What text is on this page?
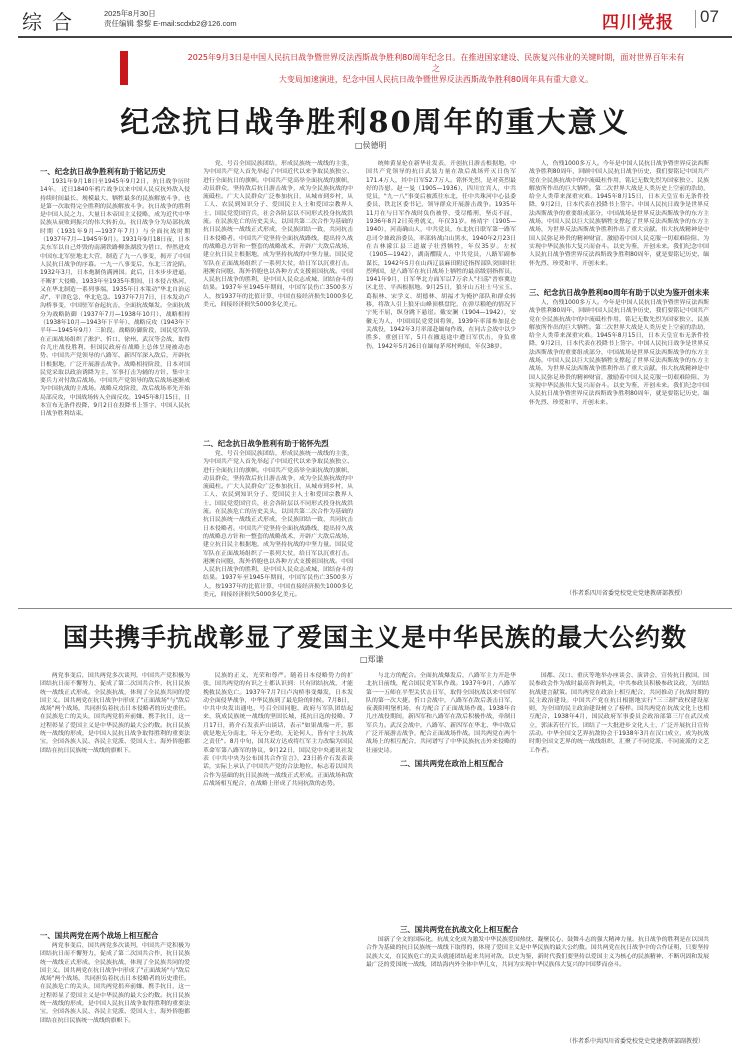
综合	2025年8月30日
责任编辑 黎黎 E-mail:scdxb2@126.com	四川党报 07
2025年9月3日是中国人民抗日战争暨世界反法西斯战争胜利80周年纪念日。在推进国家建设、民族复兴伟业的关键时期，面对世界百年未有之
大变局加速演进，纪念中国人民抗日战争暨世界反法西斯战争胜利80周年具有重大意义。
纪念抗日战争胜利80周年的重大意义
□侯德明
一、纪念抗日战争胜利有助于铭记历史

1931年9月18日至1945年9月2日，抗日战争历时14年。 近日1840年鸦片战争以来中国人民反抗外敌入侵持续时间最长、规模最大、牺牲最多的民族解放斗争，也是第一次取得完全胜利的民族解放斗争。抗日战争的胜利是中国人民之力、大量日本帝国主义侵略，成为近代中华民族从衰败到振兴的伟大转折点。抗日战争分为局部抗战时期（1931年9月—1937年7月）与全面抗战时期（1937年7月—1945年9月）。1931年9月18日夜，日本关东军以自己炸毁的南满铁路柳条湖段为借口，悍然进攻中国东北军驻地北大营，制造了九一八事变，揭开了中国人民抗日战争的序幕。一九一八事变后，东北三省沦陷，1932年3月，日本炮制伪满洲国。此后，日本步步进逼，不断扩大侵略，1933年至1935年期间，日本侵占热河，又在华北制造一系列事端。1935年日本策动"华北自治运动"，平津危急，华北危急。1937年7月7日，日本发动卢沟桥事变，中国驻军奋起抗击，全面抗战爆发。全面抗战分为战略防御（1937年7月—1938年10月）、战略相持（1938年10月—1943年下半年）、战略反攻（1943年下半年—1945年9月）三阶段。战略防御阶段，国民党军队在正面战场组织了淞沪、忻口、徐州、武汉等会战，取得台儿庄战役胜利，但国民政府在战略上总体呈现被动态势。中国共产党领导的八路军、新四军深入敌后，开辟抗日根据地，广泛开展游击战争。战略相持阶段，日本对国民党采取以政治诱降为主、军事打击为辅的方针，集中主要兵力对付敌后战场。中国共产党领导的敌后战场逐渐成为中国抗战的主战场。战略反攻阶段，敌后战场率先开始局部反攻，中国战场转入全面反攻。1945年8月15日，日本宣布无条件投降，9月2日在投降书上签字，中国人民抗日战争胜利结束。

党、号召全国民族团结，形成民族统一战线的主张，为中国共产党人首先举起了中国近代以来争取民族独立、进行全面抗日的旗帜。中国共产党高举全面抗战的旗帜，动员群众，坚持敌后抗日游击战争，成为全民族抗战的中流砥柱。广大人民群众广泛参加抗日，从城市到乡村，从工人、农民到知识分子、爱国民主人士和爱国宗教界人士、国民党爱国官兵，社会各阶层以不同形式投身抗战洪流。在民族危亡的历史关头，以国共第二次合作为基础的抗日民族统一战线正式形成，全民族团结一致，共同抗击日本侵略者。中国共产党坚持全面抗战路线，提出持久战的战略总方针和一整套的战略战术，开辟广大敌后战场，建立抗日民主根据地，成为坚持抗战的中坚力量。国民党军队在正面战场组织了一系列大仗，给日军以沉重打击。港澳台同胞、海外侨胞也以各种方式支援祖国抗战。中国人民抗日战争的胜利，是中国人民众志成城、团结奋斗的结果。1937年至1945年期间，中国军民伤亡3500多万人，按1937年的比值计算，中国直接经济损失1000多亿美元，间接经济损失5000多亿美元。

二、纪念抗日战争胜利有助于铭怀先烈

党、号召全国民族团结，形成民族统一战线的主张，为中国共产党人首先举起了中国近代以来争取民族独立、进行全面抗日的旗帜。中国共产党高举全面抗战的旗帜，动员群众，坚持敌后抗日游击战争，成为全民族抗战的中流砥柱。广大人民群众广泛参加抗日，从城市到乡村，从工人、农民到知识分子、爱国民主人士和爱国宗教界人士、国民党爱国官兵，社会各阶层以不同形式投身抗战洪流。在民族危亡的历史关头，以国共第二次合作为基础的抗日民族统一战线正式形成，全民族团结一致，共同抗击日本侵略者。中国共产党坚持全面抗战路线，提出持久战的战略总方针和一整套的战略战术，开辟广大敌后战场，建立抗日民主根据地，成为坚持抗战的中坚力量。国民党军队在正面战场组织了一系列大仗，给日军以沉重打击。港澳台同胞、海外侨胞也以各种方式支援祖国抗战。中国人民抗日战争的胜利，是中国人民众志成城、团结奋斗的结果。1937年至1945年期间，中国军民伤亡3500多万人，按1937年的比值计算，中国直接经济损失1000多亿美元，间接经济损失5000多亿美元。

统帅黄显伦在新华社发表，开创抗日游击根据地。中国共产党领导的抗日武装力量在敌后战场歼灭日伪军171.4万人，其中日军52.7万人。铭怀先烈，是对英烈最好的告慰。赵一曼（1905—1936），四川宜宾人，中共党员，"九一八"事变后被派往东北，任中共珠河中心县委委员、铁北区委书记，领导群众开展游击战争。1935年11月在与日军作战时负伤被俘，受尽酷刑，坚贞不屈，1936年8月2日英勇就义，年仅31岁。杨靖宇（1905—1940），河南确山人，中共党员，东北抗日联军第一路军总司令兼政治委员，率部转战白山黑水，1940年2月23日在吉林濛江县三道崴子壮烈牺牲，年仅35岁。左权（1905—1942），湖南醴陵人，中共党员，八路军副参谋长，1942年5月在山西辽县麻田附近指挥部队突围时壮烈殉国，是八路军在抗日战场上牺牲的最高级别指挥员。1941年9月，日军华北方面军以7万余人"扫荡"晋察冀边区北岳、平西根据地。9月25日，狼牙山五壮士马宝玉、葛振林、宋学义、胡德林、胡福才为掩护部队和群众转移，将敌人引上狼牙山峰顶棋盘陀，在弹尽粮绝的情况下宁死不屈，纵身跳下悬崖。戴安澜（1904—1942），安徽无为人，中国国民党爱国将领，1939年率部参加昆仑关战役，1942年3月率部赴缅甸作战，在同古会战中以少胜多，重创日军，5月在撤退途中遭日军伏击，身负重伤，1942年5月26日在缅甸茅邦村殉国，年仅38岁。

人，伤残1000多万人。今年是中国人民抗日战争暨世界反法西斯战争胜利80周年，回顾中国人民抗日战争历史，我们要铭记中国共产党在全民族抗战中的中流砥柱作用，铭记无数先烈为国家独立、民族解放所作出的巨大牺牲。第二次世界大战是人类历史上空前的浩劫，给全人类带来深重灾难。1945年8月15日，日本天皇宣布无条件投降，9月2日，日本代表在投降书上签字。中国人民抗日战争是世界反法西斯战争的重要组成部分，中国战场是世界反法西斯战争的东方主战场。中国人民以巨大民族牺牲支撑起了世界反法西斯战争的东方主战场，为世界反法西斯战争胜利作出了重大贡献。伟大抗战精神是中国人民弥足珍贵的精神财富，激励着中国人民克服一切艰难险阻、为实现中华民族伟大复兴而奋斗。以史为鉴，开创未来。我们纪念中国人民抗日战争暨世界反法西斯战争胜利80周年，就是要铭记历史、缅怀先烈、珍爱和平、开创未来。

三、纪念抗日战争胜利80周年有助于以史为鉴开创未来

人，伤残1000多万人。今年是中国人民抗日战争暨世界反法西斯战争胜利80周年，回顾中国人民抗日战争历史，我们要铭记中国共产党在全民族抗战中的中流砥柱作用，铭记无数先烈为国家独立、民族解放所作出的巨大牺牲。第二次世界大战是人类历史上空前的浩劫，给全人类带来深重灾难。1945年8月15日，日本天皇宣布无条件投降，9月2日，日本代表在投降书上签字。中国人民抗日战争是世界反法西斯战争的重要组成部分，中国战场是世界反法西斯战争的东方主战场。中国人民以巨大民族牺牲支撑起了世界反法西斯战争的东方主战场，为世界反法西斯战争胜利作出了重大贡献。伟大抗战精神是中国人民弥足珍贵的精神财富，激励着中国人民克服一切艰难险阻、为实现中华民族伟大复兴而奋斗。以史为鉴，开创未来。我们纪念中国人民抗日战争暨世界反法西斯战争胜利80周年，就是要铭记历史、缅怀先烈、珍爱和平、开创未来。

（作者系四川省委党校党史党建教研部教授）
国共携手抗战彰显了爱国主义是中华民族的最大公约数
□郑谦

两党事变后，国共两党多次谈判，中国共产党积极为团结抗日而不懈努力，促成了第二次国共合作，抗日民族统一战线正式形成。全民族抗战，体现了全民族共同的爱国主义。国共两党在抗日战争中形成了"正面战场"与"敌后战场"两个战场，共同担负着抗击日本侵略者的历史重任。在民族危亡的关头，国共两党捐弃前嫌、携手抗日，这一过程彰显了爱国主义是中华民族的最大公约数。抗日民族统一战线的形成，是中国人民抗日战争取得胜利的重要法宝，全国各族人民、各民主党派、爱国人士、海外侨胞都团结在抗日民族统一战线的旗帜下。

一、国共两党在两个战场上相互配合

两党事变后，国共两党多次谈判，中国共产党积极为团结抗日而不懈努力，促成了第二次国共合作，抗日民族统一战线正式形成。全民族抗战，体现了全民族共同的爱国主义。国共两党在抗日战争中形成了"正面战场"与"敌后战场"两个战场，共同担负着抗击日本侵略者的历史重任。在民族危亡的关头，国共两党捐弃前嫌、携手抗日，这一过程彰显了爱国主义是中华民族的最大公约数。抗日民族统一战线的形成，是中国人民抗日战争取得胜利的重要法宝，全国各族人民、各民主党派、爱国人士、海外侨胞都团结在抗日民族统一战线的旗帜下。

民族的正义、光荣和尊严。随着日本侵略势力的扩张，国共两党的有识之士都认识到：只有团结抗战，才能挽救民族危亡。1937年7月7日卢沟桥事变爆发，日本发动全面侵华战争，中华民族到了最危险的时候。7月8日，中共中央发出通电，号召全国同胞、政府与军队团结起来，筑成民族统一战线的坚固长城，抵抗日寇的侵略。7月17日，蒋介石发表庐山谈话，表示"如果战端一开，那就是地无分南北，年无分老幼，无论何人，皆有守土抗战之责任"。8月中旬，国共双方达成将红军主力改编为国民革命军第八路军的协议，9月22日，国民党中央通讯社发表《中共中央为公布国共合作宣言》，23日蒋介石发表谈话，实际上承认了中国共产党的合法地位，标志着以国共合作为基础的抗日民族统一战线正式形成。正面战场和敌后战场相互配合，在战略上形成了共同抗敌的态势。

与北方的配合。全面抗战爆发后，八路军主力开赴华北抗日前线，配合国民党军队作战。1937年9月，八路军第一一五师在平型关伏击日军，取得全国抗战以来中国军队的第一次大捷。忻口会战中，八路军在敌后袭击日军，夜袭阳明堡机场，有力配合了正面战场作战。1938年台儿庄战役期间，新四军和八路军在敌后积极作战，牵制日军兵力。武汉会战中，八路军、新四军在华北、华中敌后广泛开展游击战争，配合正面战场作战。国共两党在两个战场上的相互配合，共同谱写了中华民族抗击外来侵略的壮丽史诗。

二、国共两党在政治上相互配合

国都、汉口、重庆等地举办座谈会、演讲会，宣传抗日救国，国民参政会作为战时最高咨询机关，中共参政员积极参政议政，为团结抗战建言献策。国共两党在政治上相互配合，共同推动了抗战时期的民主政治建设。中国共产党在抗日根据地实行"三三制"政权建设原则，为全国的民主政治建设树立了榜样。国共两党在抗战文化上也相互配合，1938年4月，国民政府军事委员会政治部第三厅在武汉成立，郭沫若任厅长，团结了一大批进步文化人士，广泛开展抗日宣传活动。中华全国文艺界抗敌协会于1938年3月在汉口成立，成为抗战时期全国文艺界的统一战线组织，汇聚了不同党派、不同流派的文艺工作者。

三、国共两党在抗战文化上相互配合

国新了全文的国际化，抗战文化成为激发中华民族爱国热忱、凝聚民心、鼓舞斗志的强大精神力量。抗日战争的胜利是在以国共合作为基础的抗日民族统一战线下取得的，体现了爱国主义是中华民族的最大公约数。国共两党在抗日战争中的合作证明，只要坚持民族大义，在民族危亡的关头就能团结起来共同对敌。以史为鉴，新时代我们要坚持以爱国主义为核心的民族精神，不断巩固和发展最广泛的爱国统一战线，团结海内外全体中华儿女，共同为实现中华民族伟大复兴的中国梦而奋斗。

（作者系中共四川省委党校党史党建教研部副教授）
